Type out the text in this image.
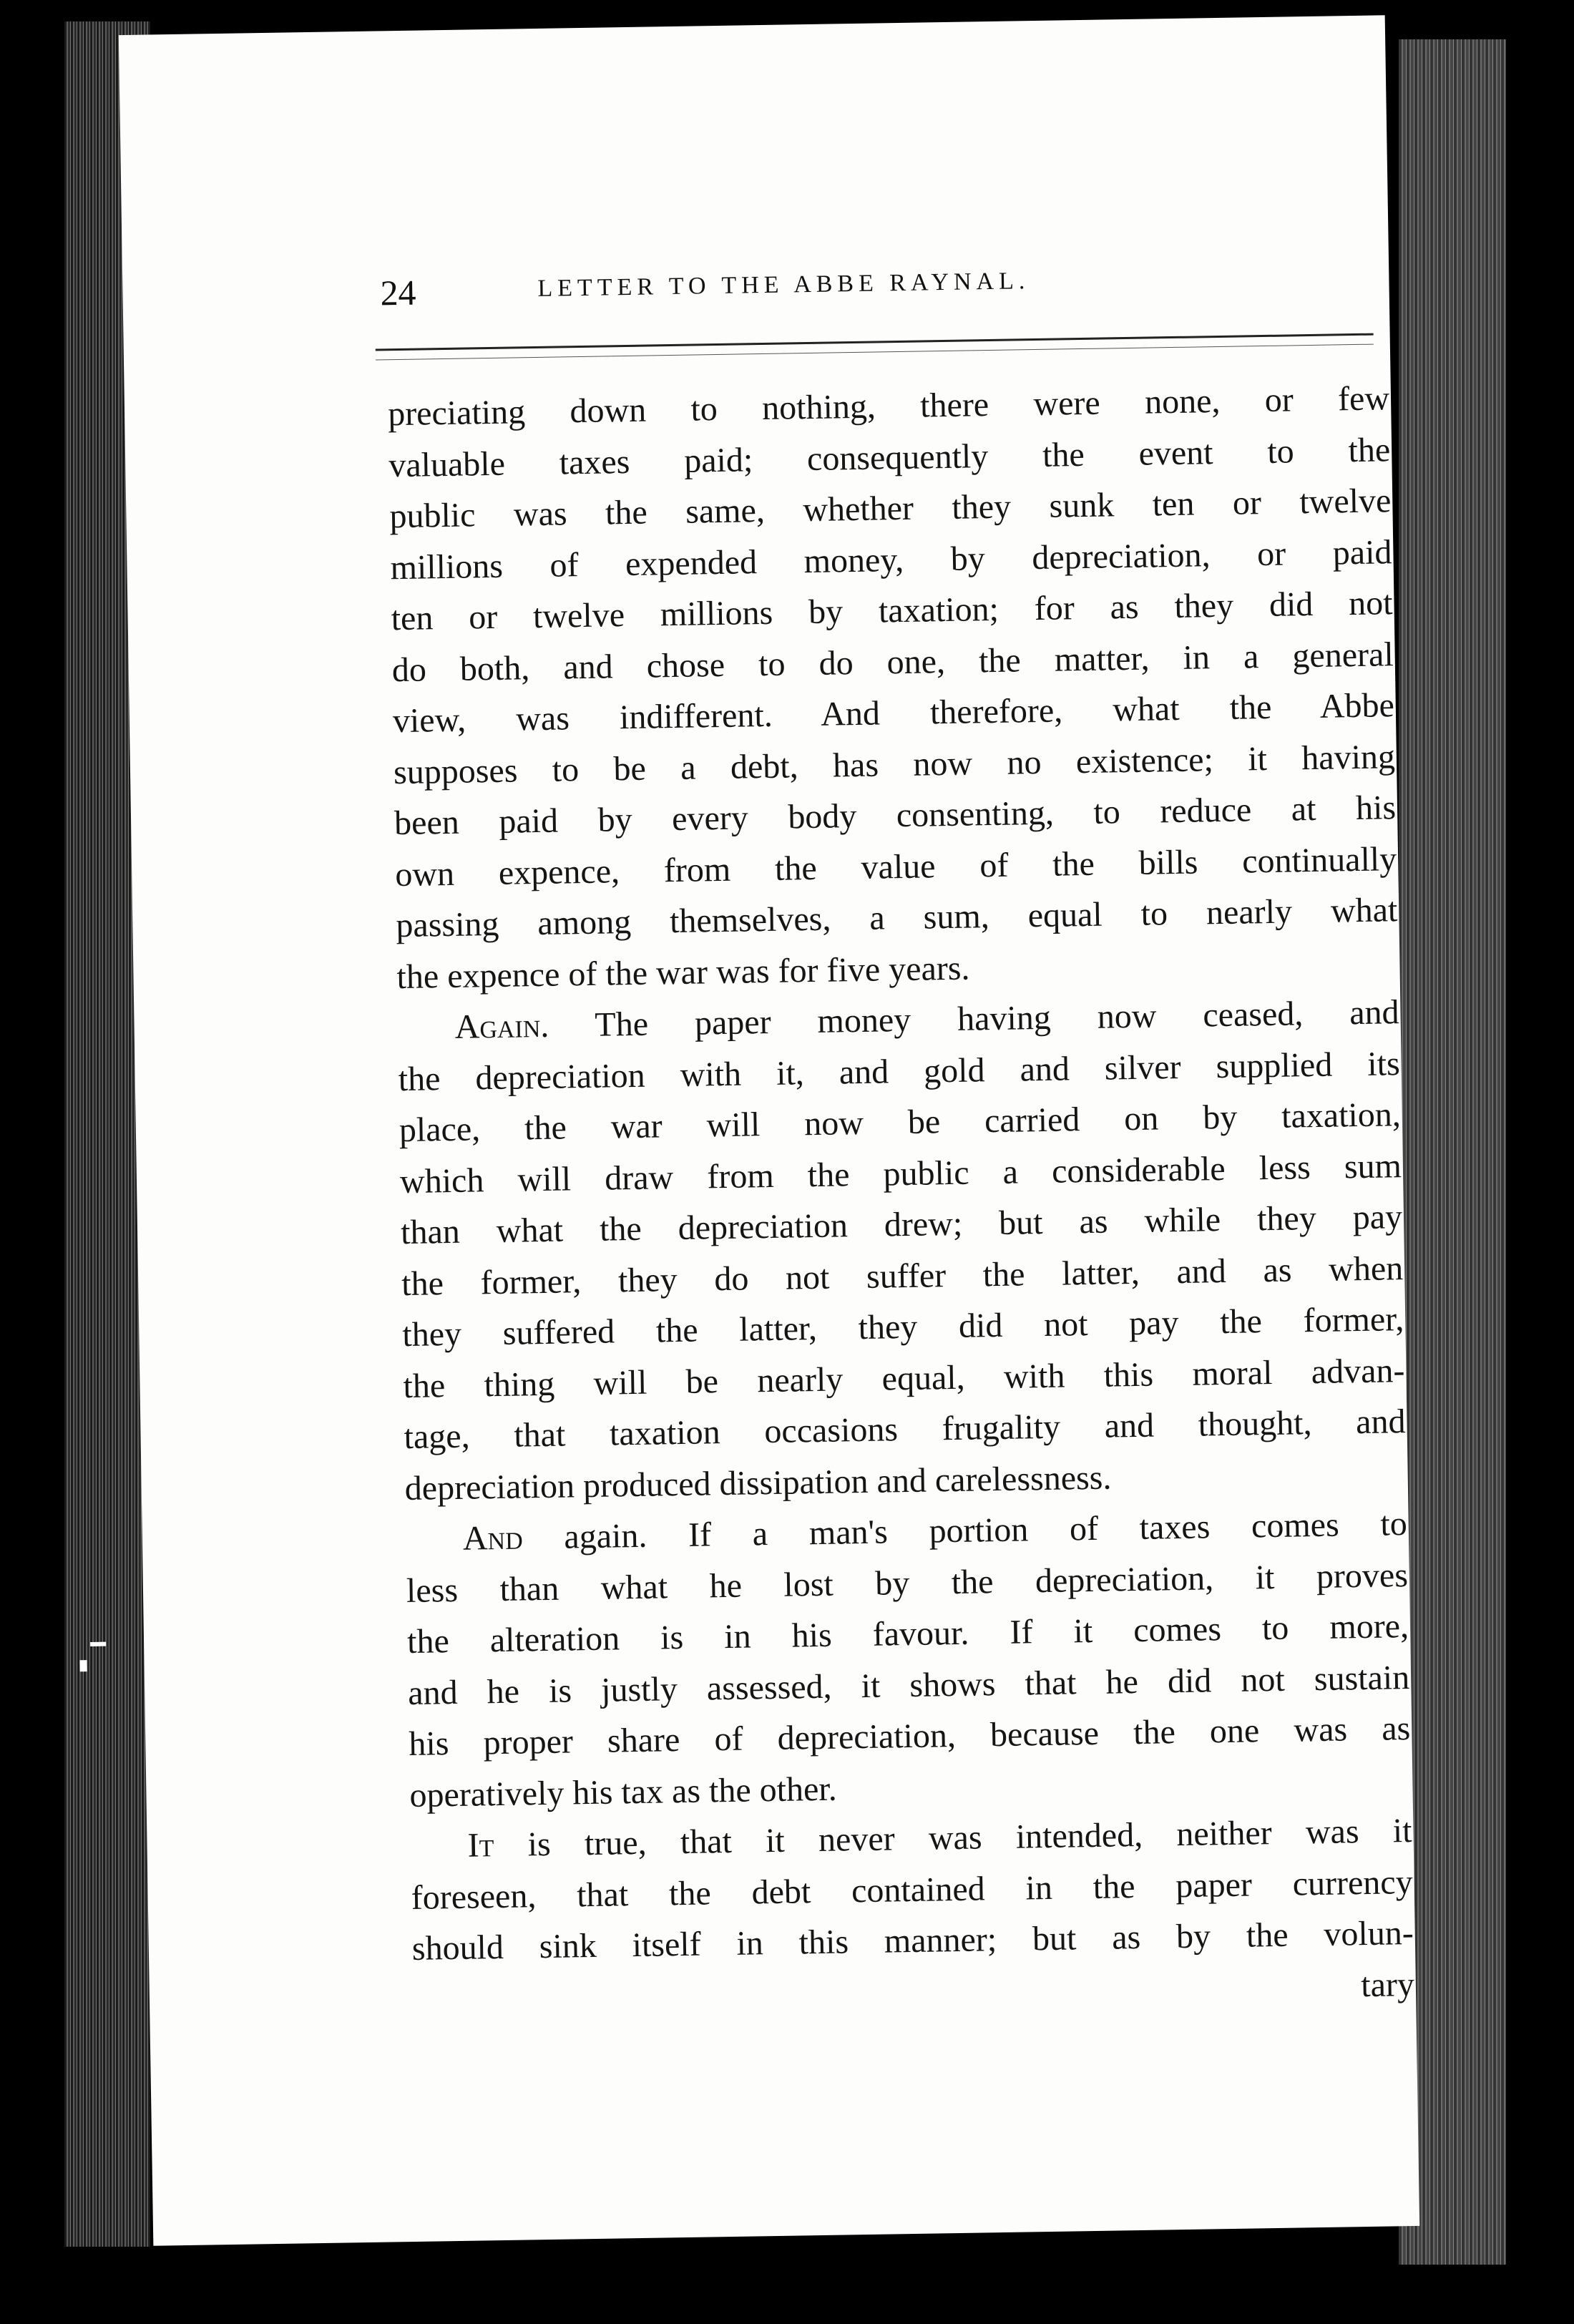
24	LETTER TO THE ABBE RAYNAL.
preciating down to nothing, there were none, or few
valuable taxes paid; consequently the event to the
public was the same, whether they sunk ten or twelve
millions of expended money, by depreciation, or paid
ten or twelve millions by taxation; for as they did not
do both, and chose to do one, the matter, in a general
view, was indifferent. And therefore, what the Abbe
supposes to be a debt, has now no existence; it having
been paid by every body consenting, to reduce at his
own expence, from the value of the bills continually
passing among themselves, a sum, equal to nearly what
the expence of the war was for five years.
Again. The paper money having now ceased, and
the depreciation with it, and gold and silver supplied its
place, the war will now be carried on by taxation,
which will draw from the public a considerable less sum
than what the depreciation drew; but as while they pay
the former, they do not suffer the latter, and as when
they suffered the latter, they did not pay the former,
the thing will be nearly equal, with this moral advan-
tage, that taxation occasions frugality and thought, and
depreciation produced dissipation and carelessness.
And again. If a man's portion of taxes comes to
less than what he lost by the depreciation, it proves
the alteration is in his favour. If it comes to more,
and he is justly assessed, it shows that he did not sustain
his proper share of depreciation, because the one was as
operatively his tax as the other.
It is true, that it never was intended, neither was it
foreseen, that the debt contained in the paper currency
should sink itself in this manner; but as by the volun-
tary
